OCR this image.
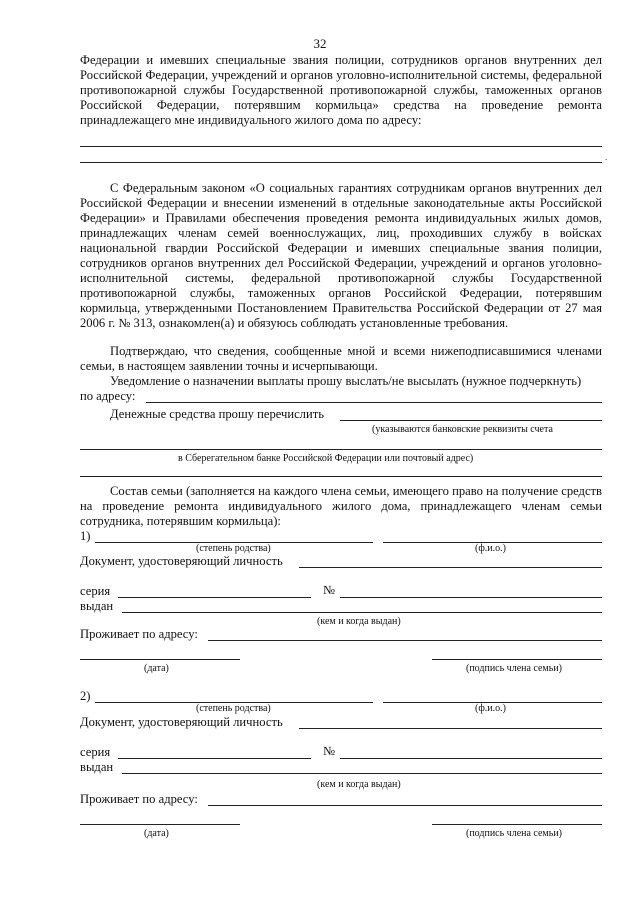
32

Федерации и имевших специальные звания полиции, сотрудников органов внутренних дел Российской Федерации, учреждений и органов уголовно-исполнительной системы, федеральной противопожарной службы Государственной противопожарной службы, таможенных органов Российской Федерации, потерявшим кормильца» средства на проведение ремонта принадлежащего мне индивидуального жилого дома по адресу:

.

С Федеральным законом «О социальных гарантиях сотрудникам органов внутренних дел Российской Федерации и внесении изменений в отдельные законодательные акты Российской Федерации» и Правилами обеспечения проведения ремонта индивидуальных жилых домов, принадлежащих членам семей военнослужащих, лиц, проходивших службу в войсках национальной гвардии Российской Федерации и имевших специальные звания полиции, сотрудников органов внутренних дел Российской Федерации, учреждений и органов уголовно-исполнительной системы, федеральной противопожарной службы Государственной противопожарной службы, таможенных органов Российской Федерации, потерявшим кормильца, утвержденными Постановлением Правительства Российской Федерации от 27 мая 2006 г. № 313, ознакомлен(а) и обязуюсь соблюдать установленные требования.

Подтверждаю, что сведения, сообщенные мной и всеми нижеподписавшимися членами семьи, в настоящем заявлении точны и исчерпывающи.

Уведомление о назначении выплаты прошу выслать/не высылать (нужное подчеркнуть)
по адресу:
Денежные средства прошу перечислить
(указываются банковские реквизиты счета
в Сберегательном банке Российской Федерации или почтовый адрес)

Состав семьи (заполняется на каждого члена семьи, имеющего право на получение средств на проведение ремонта индивидуального жилого дома, принадлежащего членам семьи сотрудника, потерявшим кормильца):

1)
(степень родства)	(ф.и.о.)
Документ, удостоверяющий личность
серия	№
выдан
(кем и когда выдан)
Проживает по адресу:
(дата)	(подпись члена семьи)
2)
(степень родства)	(ф.и.о.)
Документ, удостоверяющий личность
серия	№
выдан
(кем и когда выдан)
Проживает по адресу:
(дата)	(подпись члена семьи)
